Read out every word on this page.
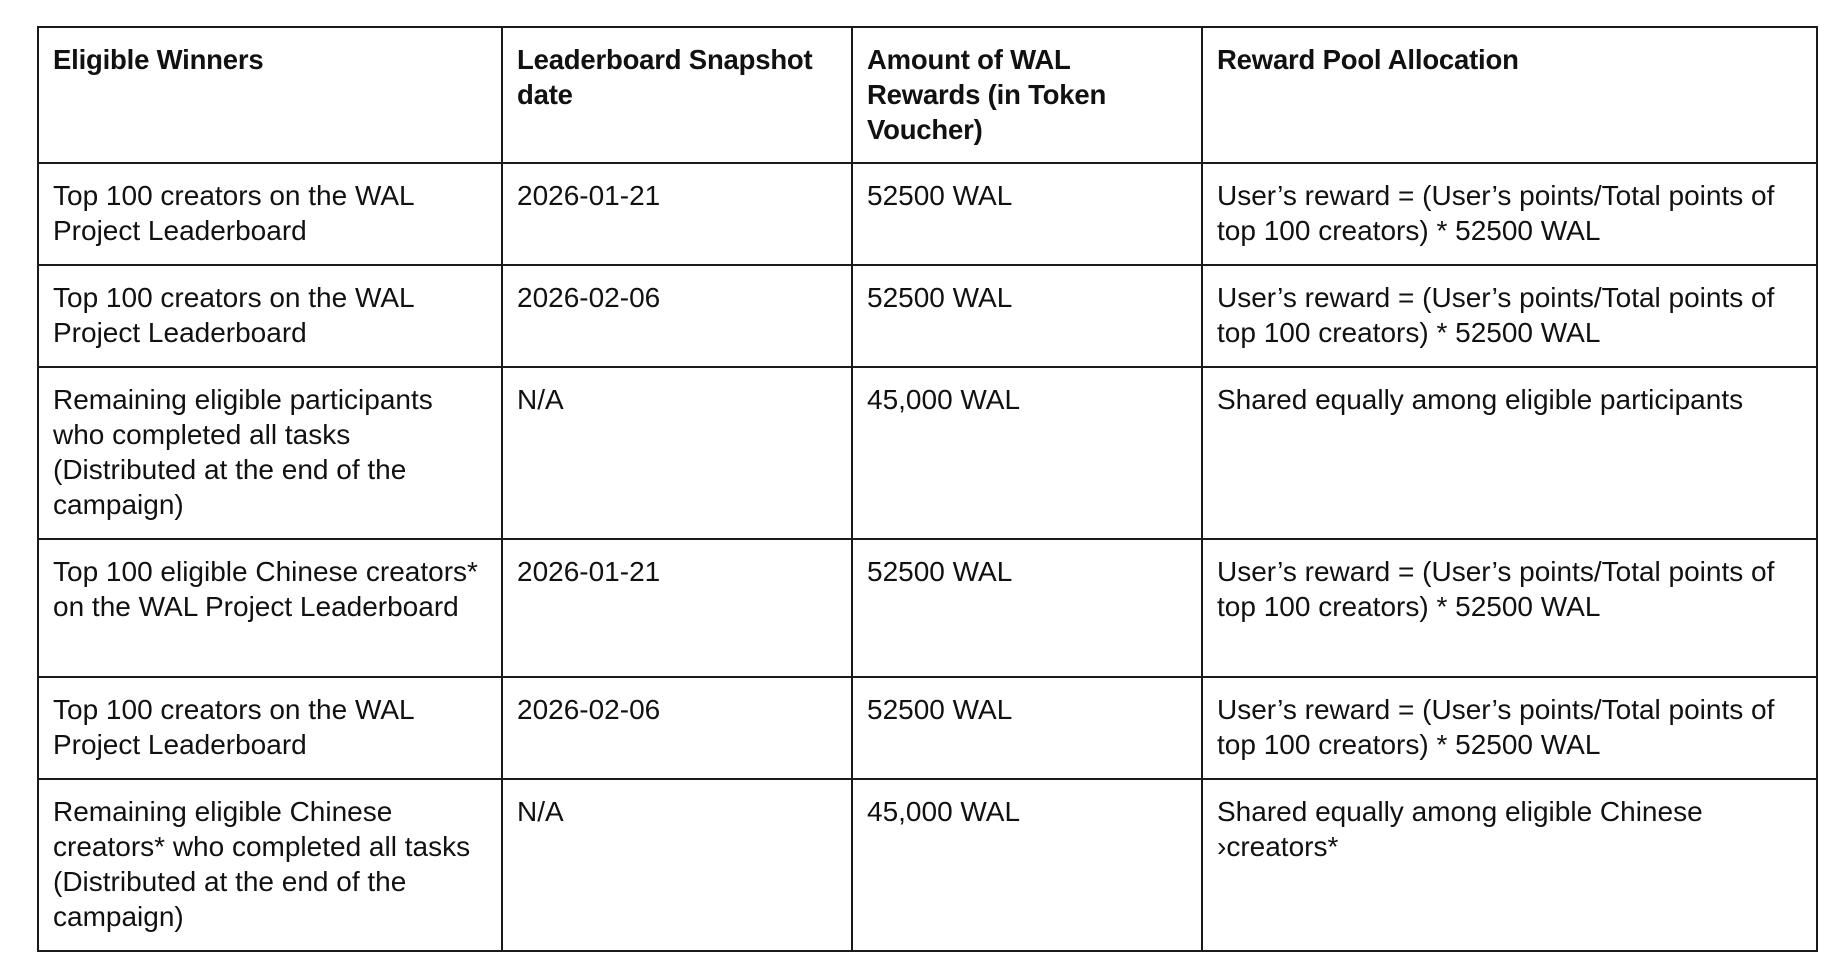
Eligible Winners	Leaderboard Snapshot date	Amount of WAL Rewards (in Token Voucher)	Reward Pool Allocation
Top 100 creators on the WAL Project Leaderboard	2026-01-21	52500 WAL	User’s reward = (User’s points/Total points of top 100 creators) * 52500 WAL
Top 100 creators on the WAL Project Leaderboard	2026-02-06	52500 WAL	User’s reward = (User’s points/Total points of top 100 creators) * 52500 WAL
Remaining eligible participants who completed all tasks (Distributed at the end of the campaign)	N/A	45,000 WAL	Shared equally among eligible participants
Top 100 eligible Chinese creators* on the WAL Project Leaderboard	2026-01-21	52500 WAL	User’s reward = (User’s points/Total points of top 100 creators) * 52500 WAL
Top 100 creators on the WAL Project Leaderboard	2026-02-06	52500 WAL	User’s reward = (User’s points/Total points of top 100 creators) * 52500 WAL
Remaining eligible Chinese creators* who completed all tasks (Distributed at the end of the campaign)	N/A	45,000 WAL	Shared equally among eligible Chinese ›creators*
